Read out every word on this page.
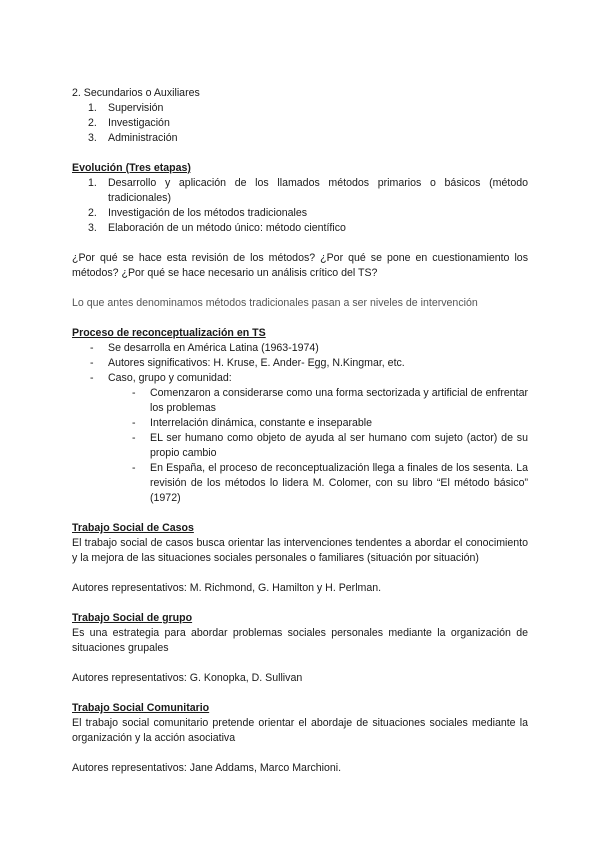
2. Secundarios o Auxiliares

1. Supervisión
2. Investigación
3. Administración

Evolución (Tres etapas)

1. Desarrollo y aplicación de los llamados métodos primarios o básicos (método tradicionales)
2. Investigación de los métodos tradicionales
3. Elaboración de un método único: método científico

¿Por qué se hace esta revisión de los métodos? ¿Por qué se pone en cuestionamiento los métodos? ¿Por qué se hace necesario un análisis crítico del TS?

Lo que antes denominamos métodos tradicionales pasan a ser niveles de intervención

Proceso de reconceptualización en TS

- Se desarrolla en América Latina (1963-1974)
- Autores significativos: H. Kruse, E. Ander- Egg, N.Kingmar, etc.
- Caso, grupo y comunidad:
- Comenzaron a considerarse como una forma sectorizada y artificial de enfrentar los problemas
- Interrelación dinámica, constante e inseparable
- EL ser humano como objeto de ayuda al ser humano com sujeto (actor) de su propio cambio
- En España, el proceso de reconceptualización llega a finales de los sesenta. La revisión de los métodos lo lidera M. Colomer, con su libro “El método básico” (1972)

Trabajo Social de Casos

El trabajo social de casos busca orientar las intervenciones tendentes a abordar el conocimiento y la mejora de las situaciones sociales personales o familiares (situación por situación)

Autores representativos: M. Richmond, G. Hamilton y H. Perlman.

Trabajo Social de grupo

Es una estrategia para abordar problemas sociales personales mediante la organización de situaciones grupales

Autores representativos: G. Konopka, D. Sullivan

Trabajo Social Comunitario

El trabajo social comunitario pretende orientar el abordaje de situaciones sociales mediante la organización y la acción asociativa

Autores representativos: Jane Addams, Marco Marchioni.
